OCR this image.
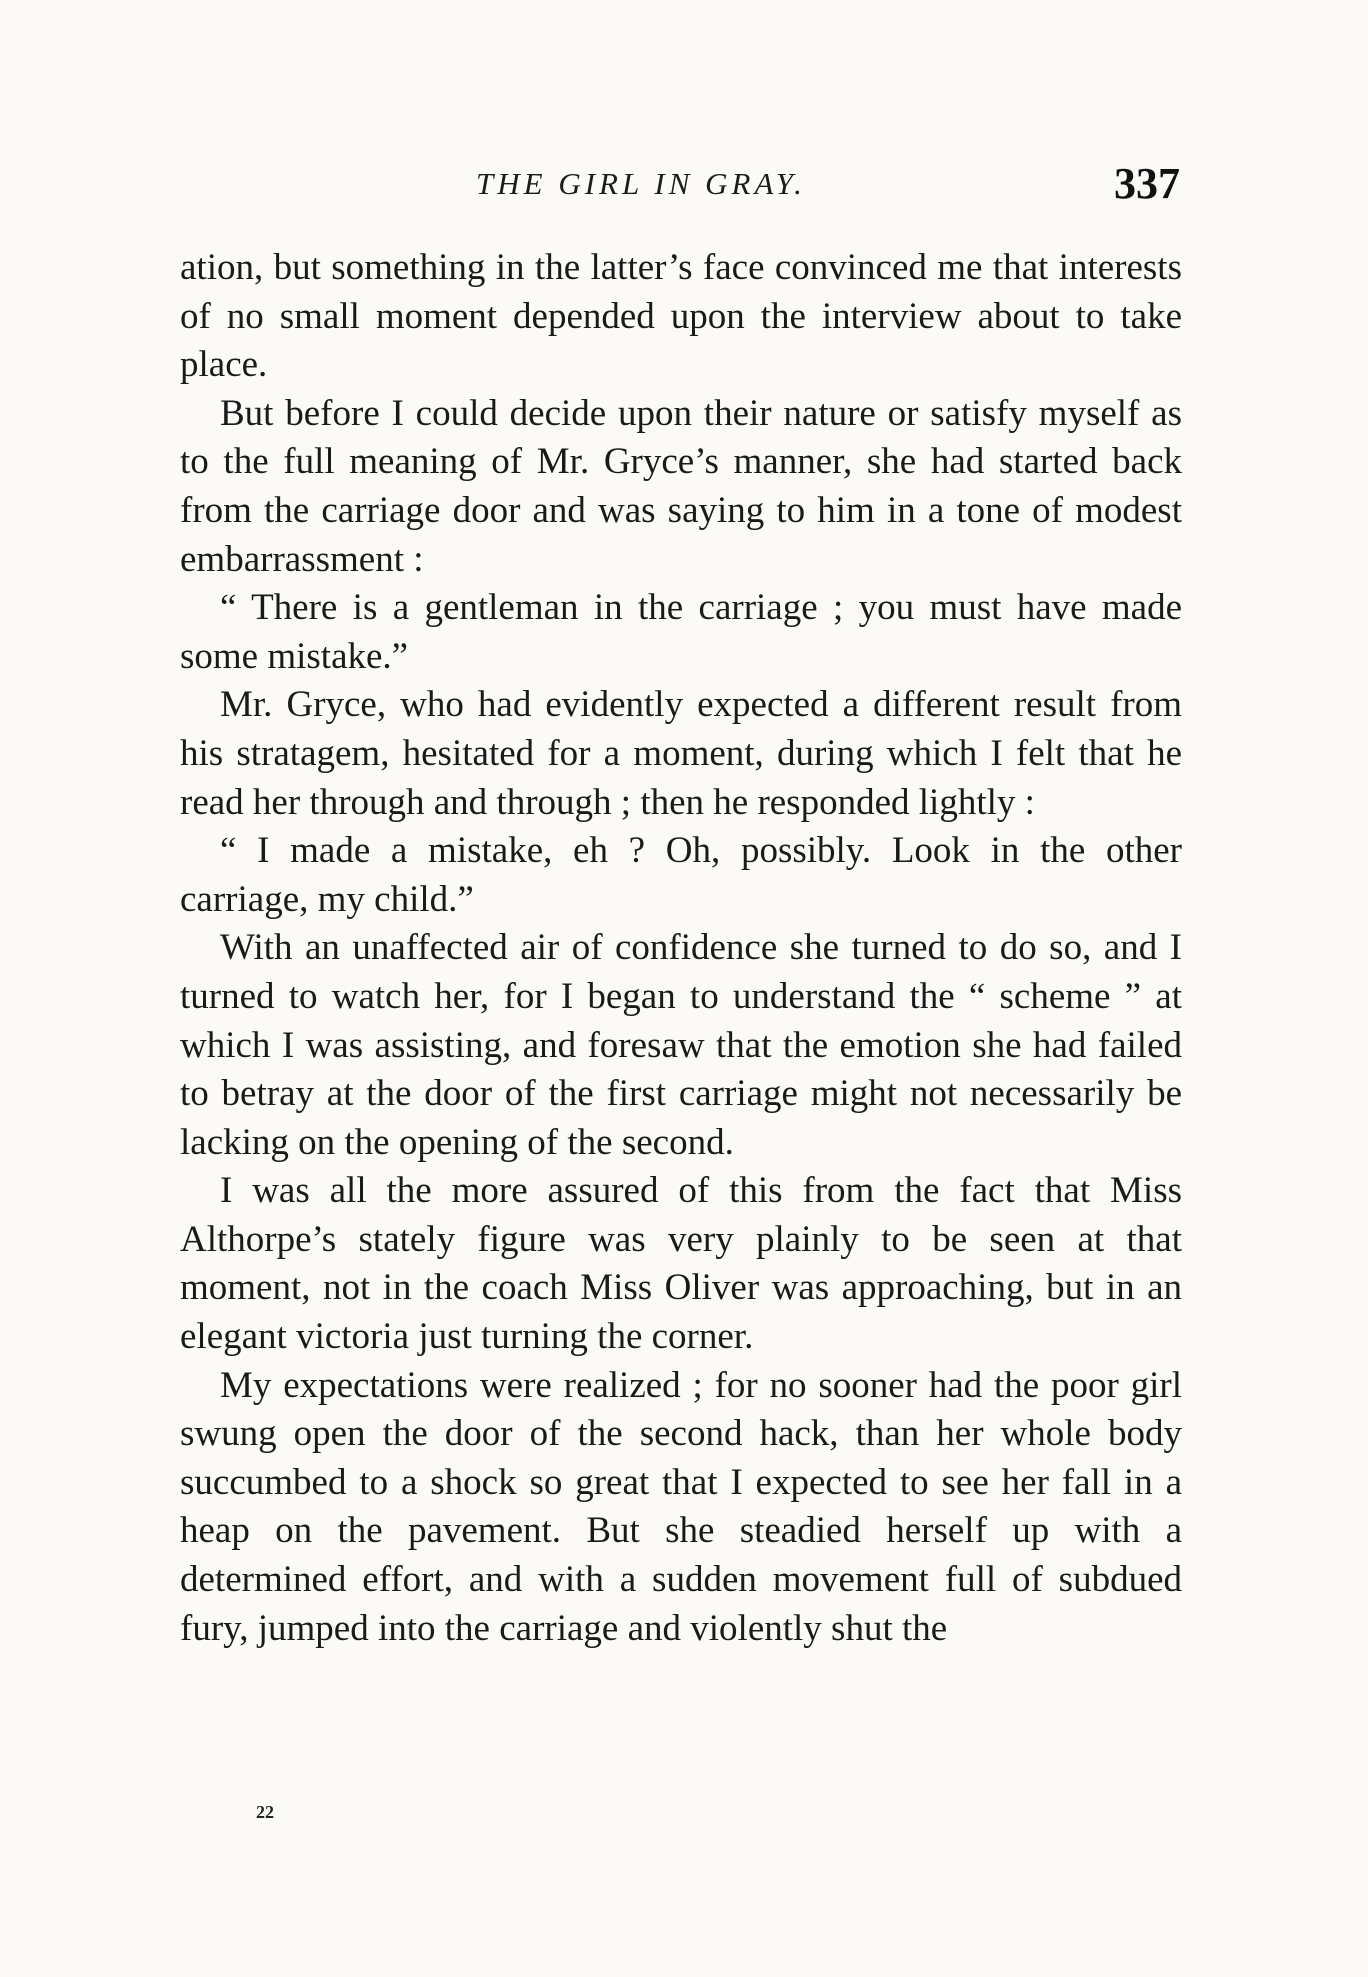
THE GIRL IN GRAY.	337

ation, but something in the latter’s face convinced me that interests of no small moment depended upon the interview about to take place.

But before I could decide upon their nature or satisfy myself as to the full meaning of Mr. Gryce’s manner, she had started back from the carriage door and was saying to him in a tone of modest embarrassment :

“ There is a gentleman in the carriage ; you must have made some mistake.”

Mr. Gryce, who had evidently expected a different result from his stratagem, hesitated for a moment, during which I felt that he read her through and through ; then he responded lightly :

“ I made a mistake, eh ? Oh, possibly. Look in the other carriage, my child.”

With an unaffected air of confidence she turned to do so, and I turned to watch her, for I began to understand the “ scheme ” at which I was assisting, and foresaw that the emotion she had failed to betray at the door of the first carriage might not necessarily be lacking on the opening of the second.

I was all the more assured of this from the fact that Miss Althorpe’s stately figure was very plainly to be seen at that moment, not in the coach Miss Oliver was approaching, but in an elegant victoria just turning the corner.

My expectations were realized ; for no sooner had the poor girl swung open the door of the second hack, than her whole body succumbed to a shock so great that I expected to see her fall in a heap on the pavement. But she steadied herself up with a determined effort, and with a sudden movement full of subdued fury, jumped into the carriage and violently shut the

22
